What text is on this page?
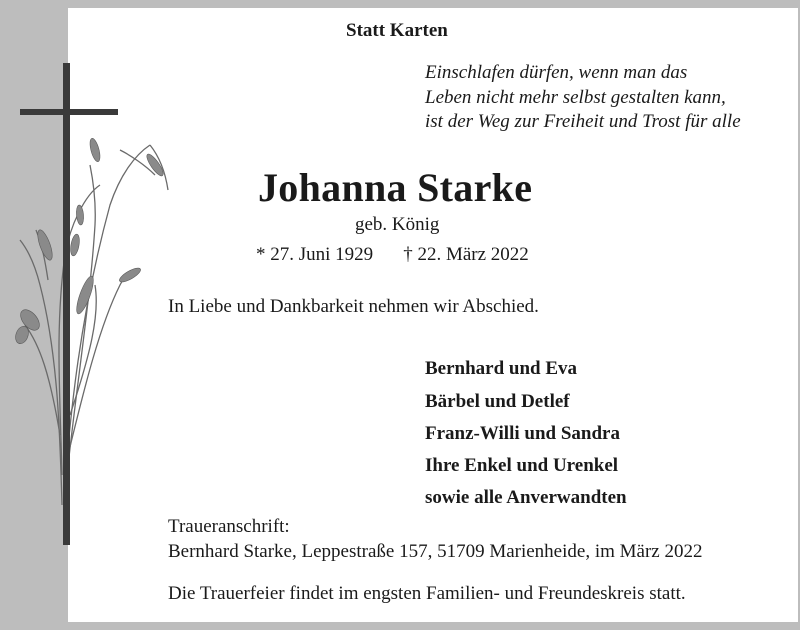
Statt Karten
Einschlafen dürfen, wenn man das
Leben nicht mehr selbst gestalten kann,
ist der Weg zur Freiheit und Trost für alle
Johanna Starke
geb. König
* 27. Juni 1929 † 22. März 2022
In Liebe und Dankbarkeit nehmen wir Abschied.
Bernhard und Eva
Bärbel und Detlef
Franz-Willi und Sandra
Ihre Enkel und Urenkel
sowie alle Anverwandten
Traueranschrift:
Bernhard Starke, Leppestraße 157, 51709 Marienheide, im März 2022
Die Trauerfeier findet im engsten Familien- und Freundeskreis statt.
